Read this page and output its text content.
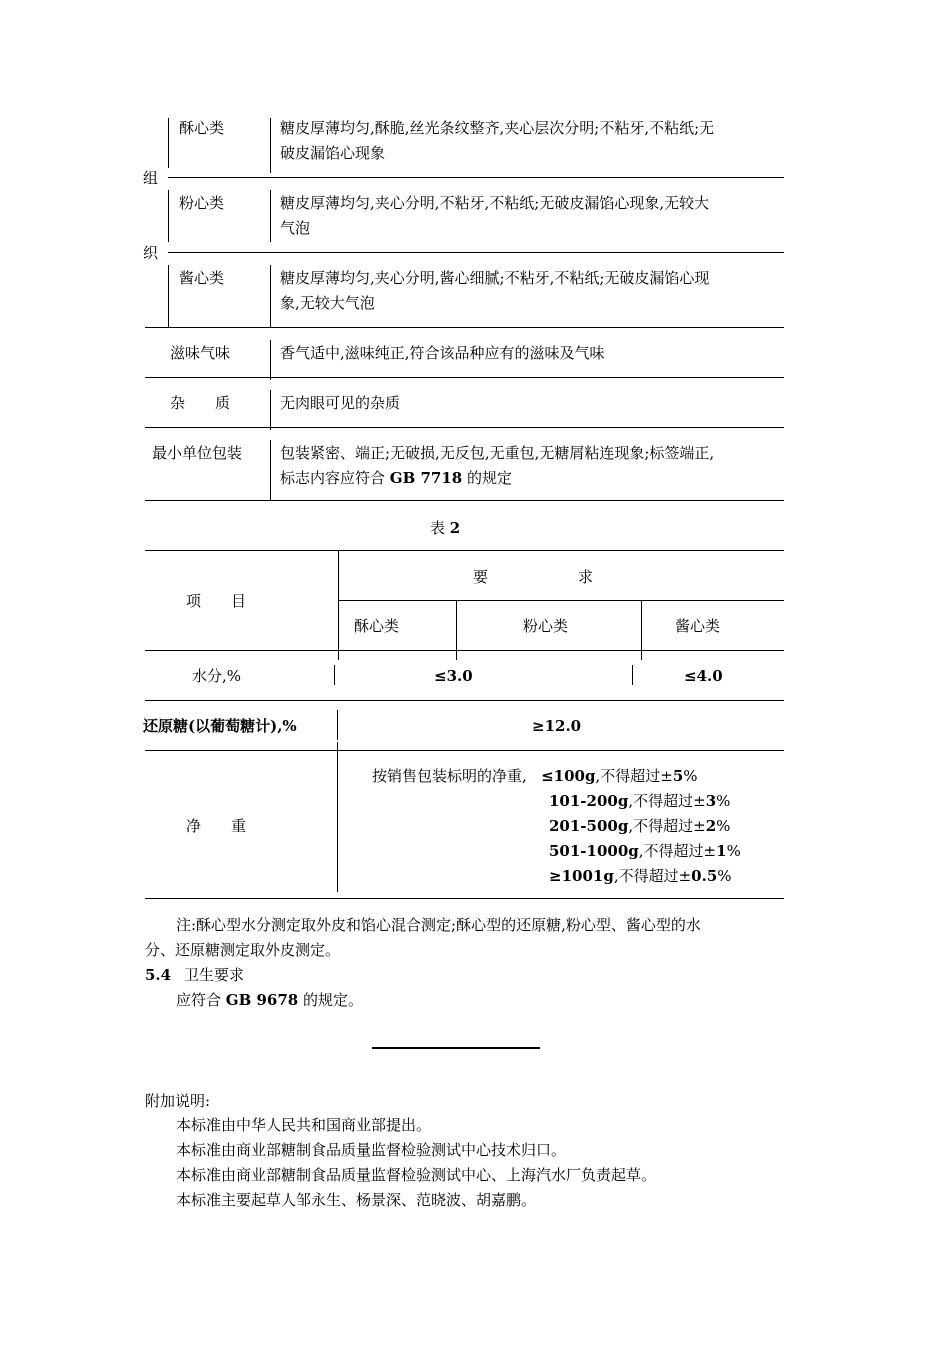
组
织
酥心类	糖皮厚薄均匀,酥脆,丝光条纹整齐,夹心层次分明;不粘牙,不粘纸;无
破皮漏馅心现象
粉心类	糖皮厚薄均匀,夹心分明,不粘牙,不粘纸;无破皮漏馅心现象,无较大
气泡
酱心类	糖皮厚薄均匀,夹心分明,酱心细腻;不粘牙,不粘纸;无破皮漏馅心现
象,无较大气泡
滋味气味	香气适中,滋味纯正,符合该品种应有的滋味及气味
杂　　质	无肉眼可见的杂质
最小单位包装	包装紧密、端正;无破损,无反包,无重包,无糖屑粘连现象;标签端正,
标志内容应符合 GB 7718 的规定
表 2
项　　目
要　　　　　　求
酥心类	粉心类	酱心类
水分,%	≤3.0	≤4.0
还原糖(以葡萄糖计),%	≥12.0
净　　重
按销售包装标明的净重, ≤100g,不得超过±5%
101-200g,不得超过±3%
201-500g,不得超过±2%
501-1000g,不得超过±1%
≥1001g,不得超过±0.5%
注:酥心型水分测定取外皮和馅心混合测定;酥心型的还原糖,粉心型、酱心型的水
分、还原糖测定取外皮测定。
5.4 卫生要求
应符合 GB 9678 的规定。
附加说明:
本标准由中华人民共和国商业部提出。
本标准由商业部糖制食品质量监督检验测试中心技术归口。
本标准由商业部糖制食品质量监督检验测试中心、上海汽水厂负责起草。
本标准主要起草人邹永生、杨景深、范晓波、胡嘉鹏。
